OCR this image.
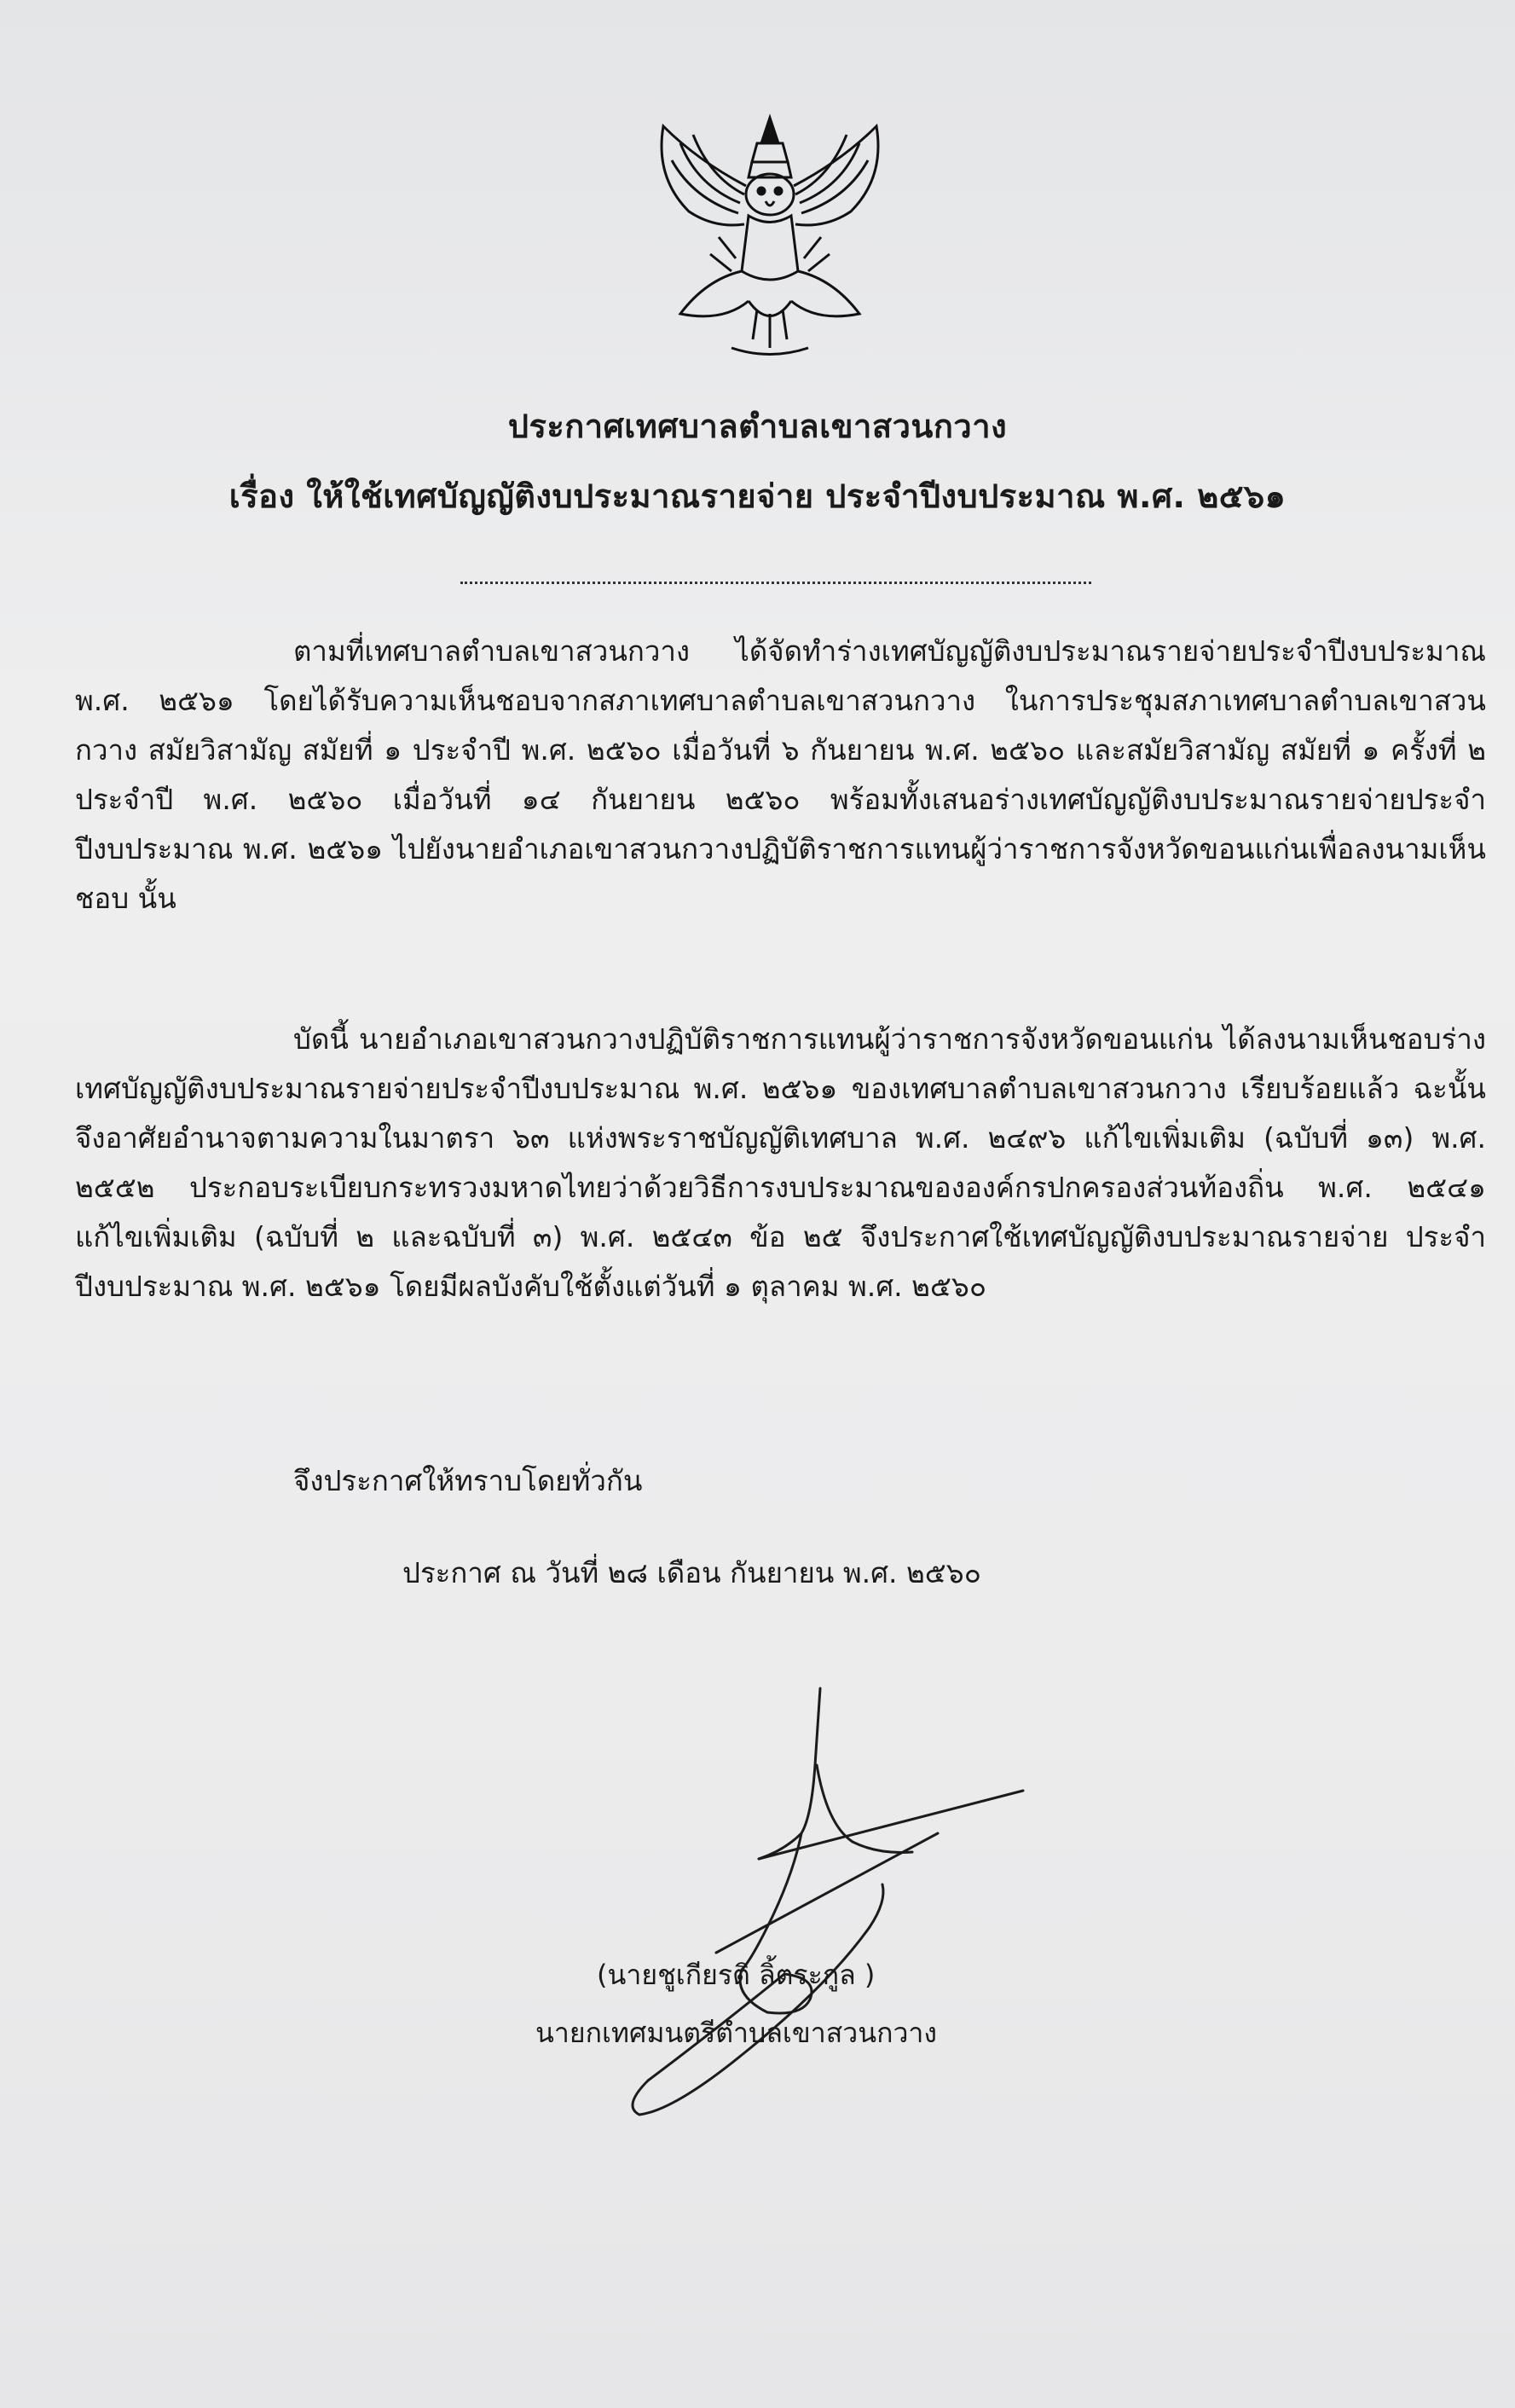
ประกาศเทศบาลตำบลเขาสวนกวาง
เรื่อง ให้ใช้เทศบัญญัติงบประมาณรายจ่าย ประจำปีงบประมาณ พ.ศ. ๒๕๖๑
ตามที่เทศบาลตำบลเขาสวนกวาง ได้จัดทำร่างเทศบัญญัติงบประมาณรายจ่ายประจำปีงบประมาณ พ.ศ. ๒๕๖๑ โดยได้รับความเห็นชอบจากสภาเทศบาลตำบลเขาสวนกวาง ในการประชุมสภาเทศบาลตำบลเขาสวนกวาง สมัยวิสามัญ สมัยที่ ๑ ประจำปี พ.ศ. ๒๕๖๐ เมื่อวันที่ ๖ กันยายน พ.ศ. ๒๕๖๐ และสมัยวิสามัญ สมัยที่ ๑ ครั้งที่ ๒ ประจำปี พ.ศ. ๒๕๖๐ เมื่อวันที่ ๑๔ กันยายน ๒๕๖๐ พร้อมทั้งเสนอร่างเทศบัญญัติงบประมาณรายจ่ายประจำปีงบประมาณ พ.ศ. ๒๕๖๑ ไปยังนายอำเภอเขาสวนกวางปฏิบัติราชการแทนผู้ว่าราชการจังหวัดขอนแก่นเพื่อลงนามเห็นชอบ นั้น
บัดนี้ นายอำเภอเขาสวนกวางปฏิบัติราชการแทนผู้ว่าราชการจังหวัดขอนแก่น ได้ลงนามเห็นชอบร่างเทศบัญญัติงบประมาณรายจ่ายประจำปีงบประมาณ พ.ศ. ๒๕๖๑ ของเทศบาลตำบลเขาสวนกวาง เรียบร้อยแล้ว ฉะนั้นจึงอาศัยอำนาจตามความในมาตรา ๖๓ แห่งพระราชบัญญัติเทศบาล พ.ศ. ๒๔๙๖ แก้ไขเพิ่มเติม (ฉบับที่ ๑๓) พ.ศ. ๒๕๕๒ ประกอบระเบียบกระทรวงมหาดไทยว่าด้วยวิธีการงบประมาณขององค์กรปกครองส่วนท้องถิ่น พ.ศ. ๒๕๔๑ แก้ไขเพิ่มเติม (ฉบับที่ ๒ และฉบับที่ ๓) พ.ศ. ๒๕๔๓ ข้อ ๒๕ จึงประกาศใช้เทศบัญญัติงบประมาณรายจ่าย ประจำปีงบประมาณ พ.ศ. ๒๕๖๑ โดยมีผลบังคับใช้ตั้งแต่วันที่ ๑ ตุลาคม พ.ศ. ๒๕๖๐
จึงประกาศให้ทราบโดยทั่วกัน
ประกาศ ณ วันที่ ๒๘ เดือน กันยายน พ.ศ. ๒๕๖๐
(นายชูเกียรติ ลิ้ตระกูล )
นายกเทศมนตรีตำบลเขาสวนกวาง
